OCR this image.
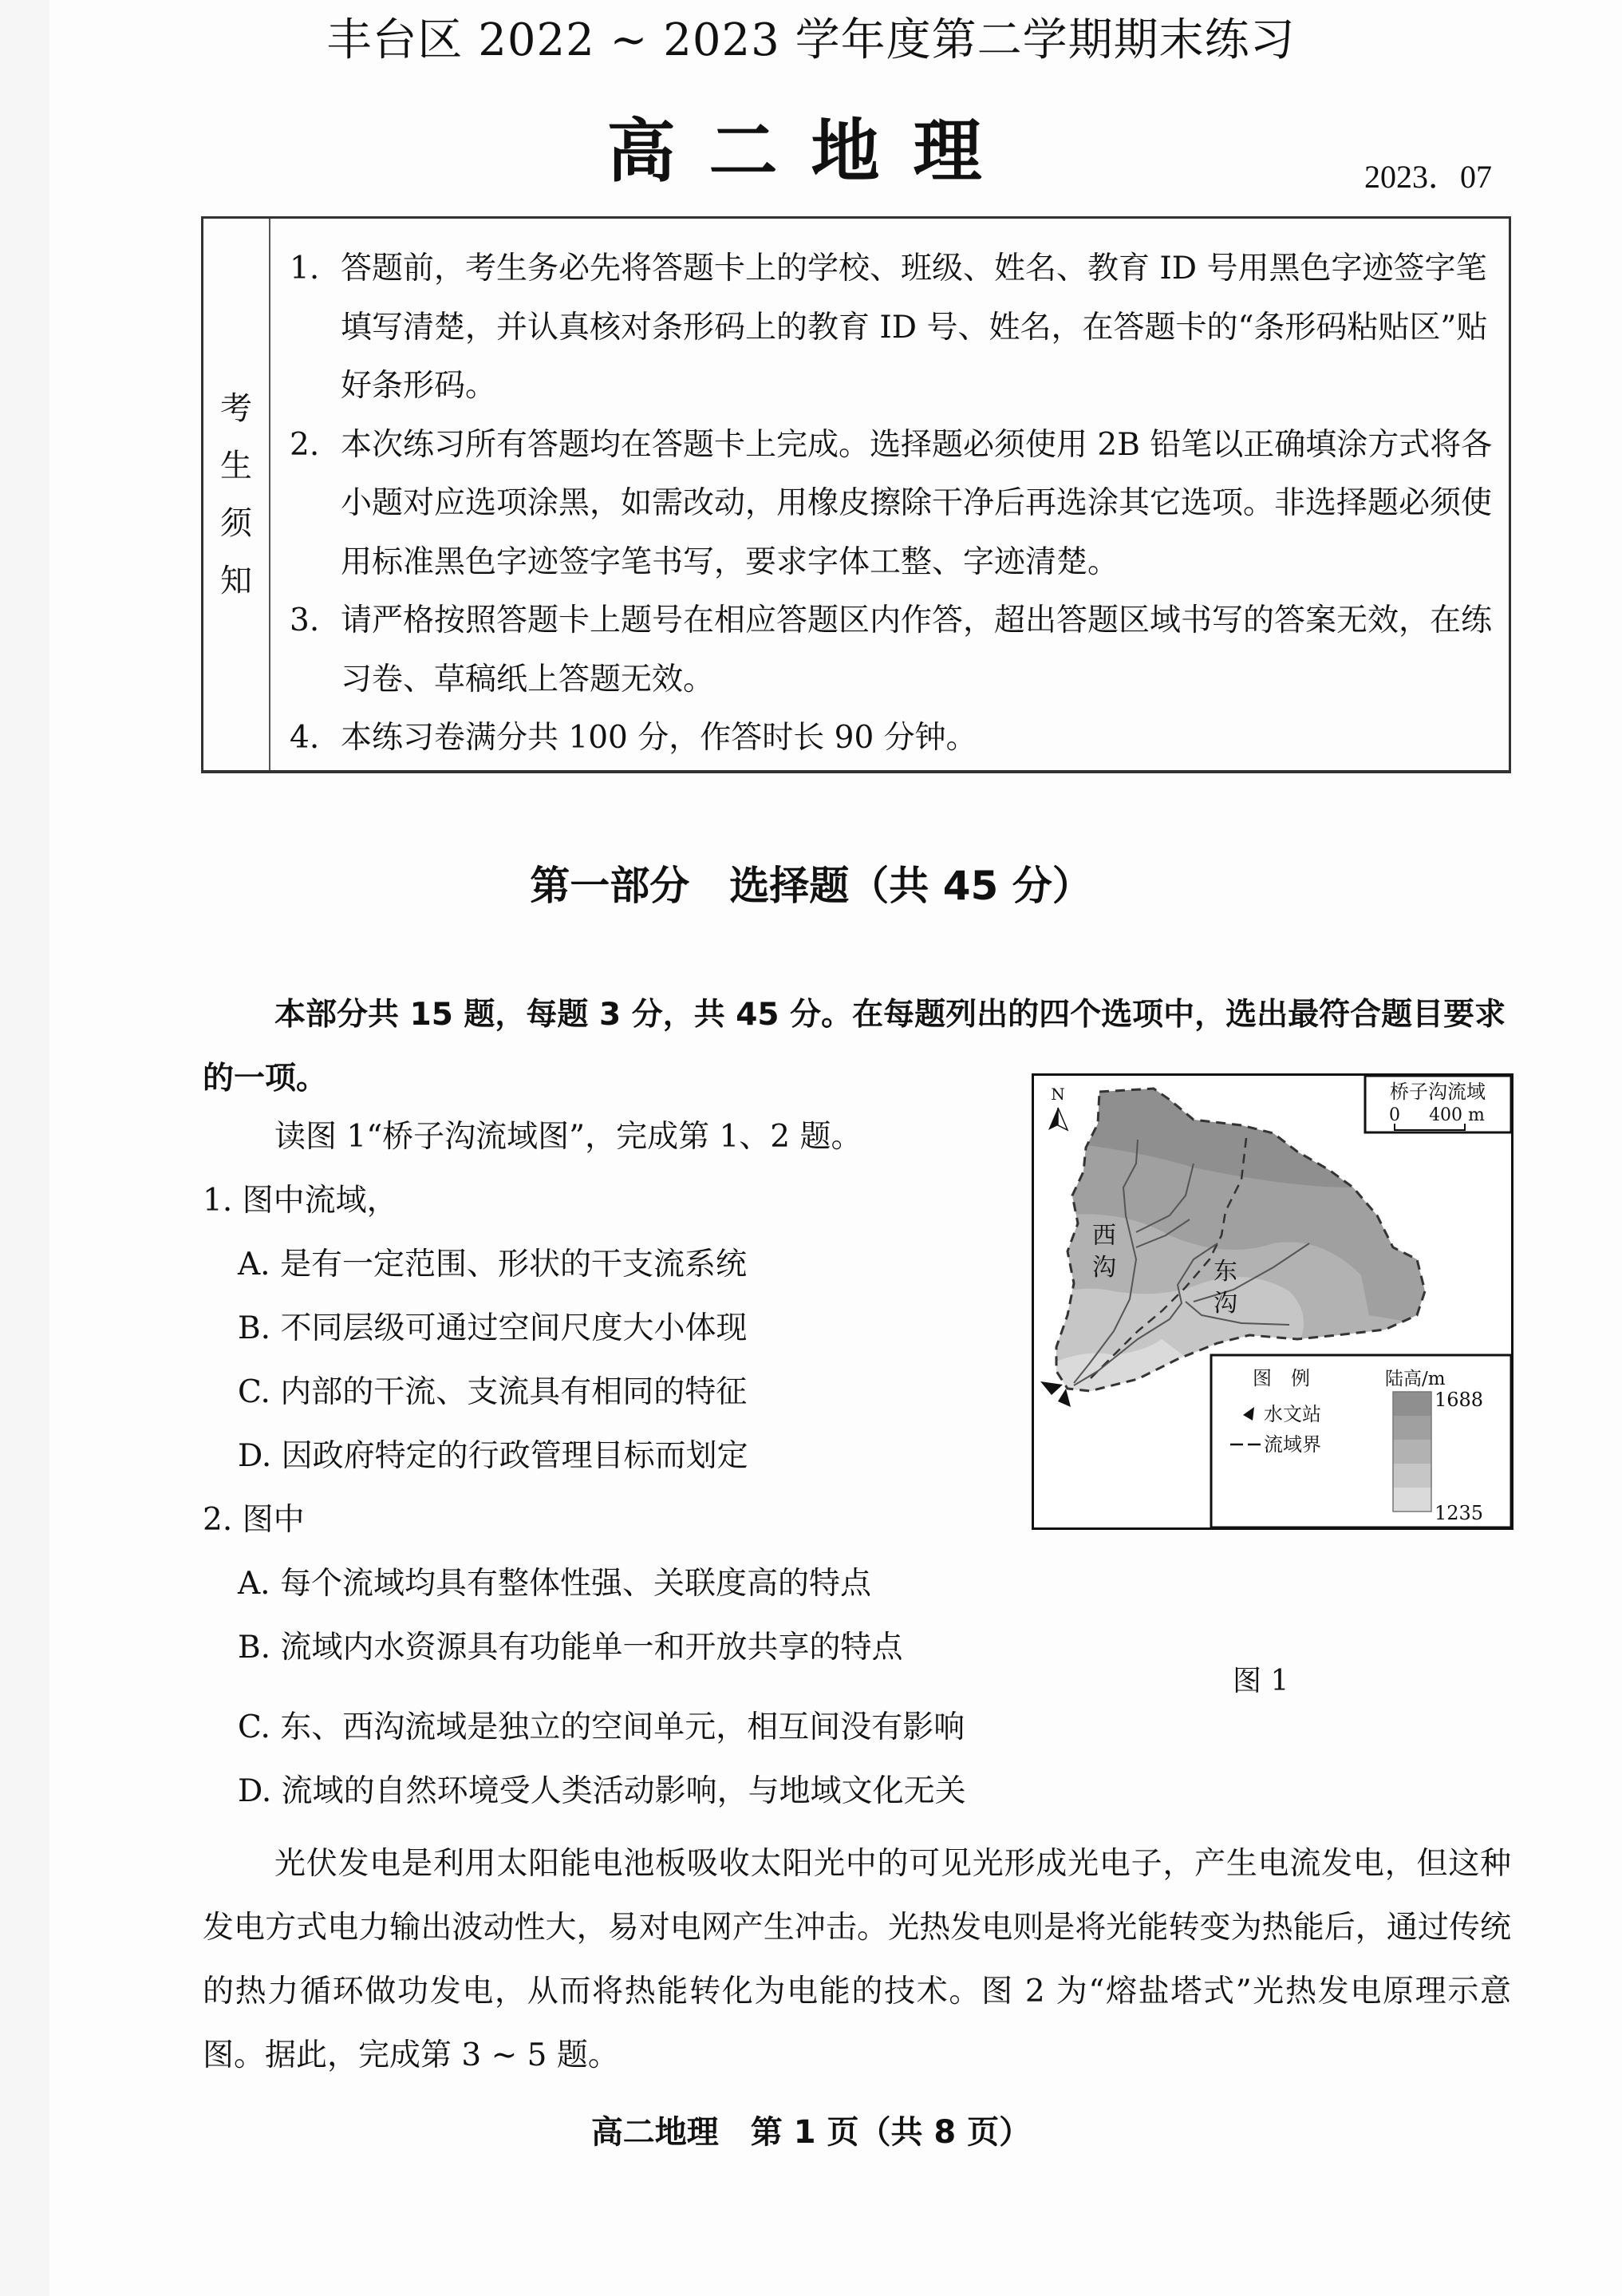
丰台区 2022 ~ 2023 学年度第二学期期末练习
高二地理	2023．07
考
生
须
知
1. 答题前，考生务必先将答题卡上的学校、班级、姓名、教育 ID 号用黑色字迹签字笔填写清楚，并认真核对条形码上的教育 ID 号、姓名，在答题卡的“条形码粘贴区”贴好条形码。
2. 本次练习所有答题均在答题卡上完成。选择题必须使用 2B 铅笔以正确填涂方式将各小题对应选项涂黑，如需改动，用橡皮擦除干净后再选涂其它选项。非选择题必须使用标准黑色字迹签字笔书写，要求字体工整、字迹清楚。
3. 请严格按照答题卡上题号在相应答题区内作答，超出答题区域书写的答案无效，在练习卷、草稿纸上答题无效。
4. 本练习卷满分共 100 分，作答时长 90 分钟。
第一部分　选择题（共 45 分）
本部分共 15 题，每题 3 分，共 45 分。在每题列出的四个选项中，选出最符合题目要求的一项。
读图 1“桥子沟流域图”，完成第 1、2 题。
1. 图中流域，
A. 是有一定范围、形状的干支流系统
B. 不同层级可通过空间尺度大小体现
C. 内部的干流、支流具有相同的特征
D. 因政府特定的行政管理目标而划定
2. 图中
A. 每个流域均具有整体性强、关联度高的特点
B. 流域内水资源具有功能单一和开放共享的特点
C. 东、西沟流域是独立的空间单元，相互间没有影响
D. 流域的自然环境受人类活动影响，与地域文化无关
光伏发电是利用太阳能电池板吸收太阳光中的可见光形成光电子，产生电流发电，但这种发电方式电力输出波动性大，易对电网产生冲击。光热发电则是将光能转变为热能后，通过传统的热力循环做功发电，从而将热能转化为电能的技术。图 2 为“熔盐塔式”光热发电原理示意图。据此，完成第 3 ~ 5 题。
N
西
沟	东
沟
桥子沟流域
0 400 m
图　例
水文站
流域界
陆高/m
1688
1235
图 1
高二地理　第 1 页（共 8 页）
